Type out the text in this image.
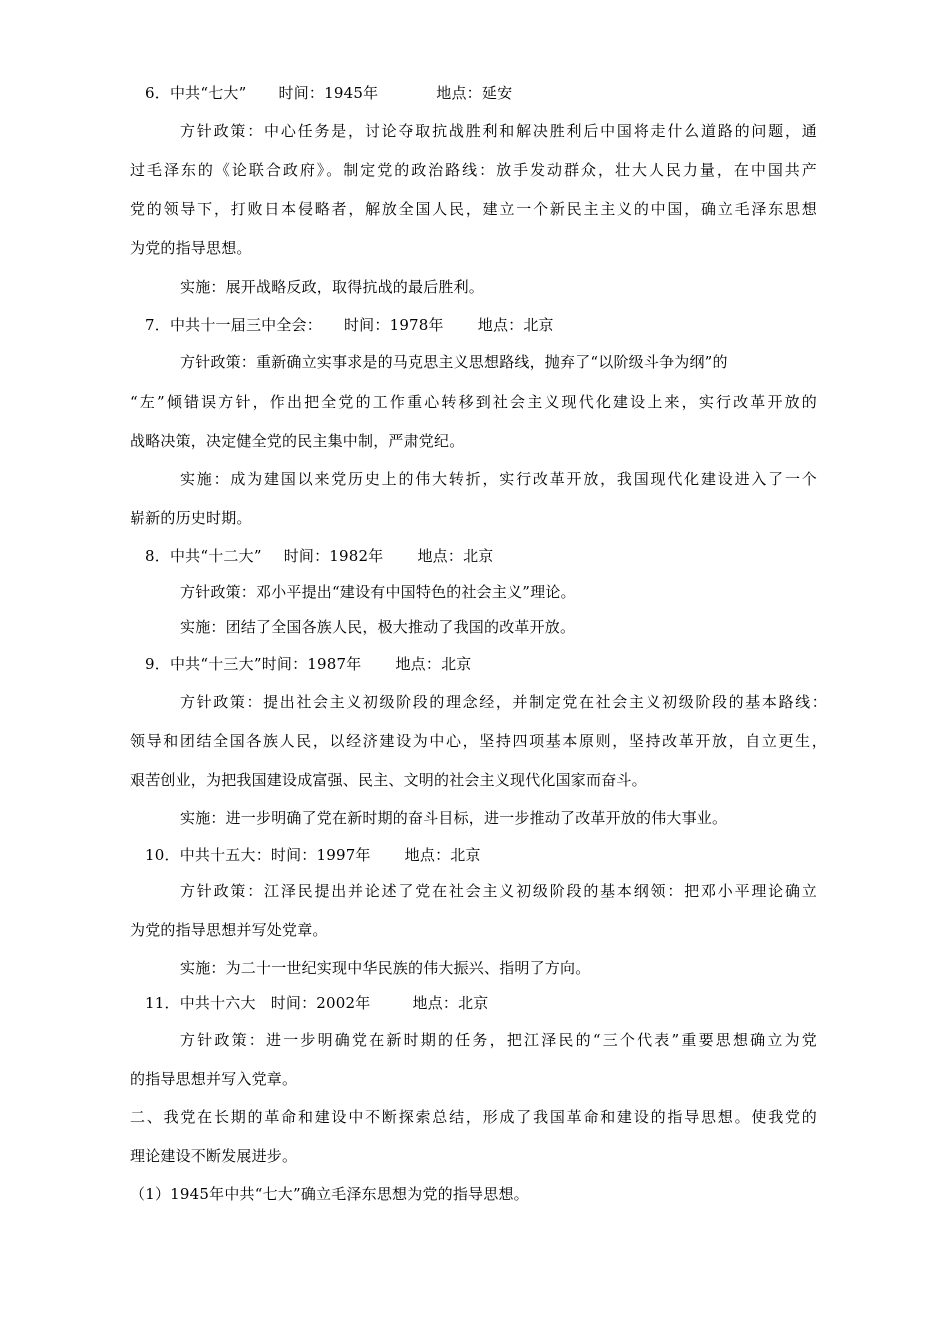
6．中共“七大” 时间：1945年	地点：延安
方针政策：中心任务是，讨论夺取抗战胜利和解决胜利后中国将走什么道路的问题，通
过毛泽东的《论联合政府》。制定党的政治路线：放手发动群众，壮大人民力量，在中国共产
党的领导下，打败日本侵略者，解放全国人民，建立一个新民主主义的中国，确立毛泽东思想
为党的指导思想。
实施：展开战略反政，取得抗战的最后胜利。
7．中共十一届三中全会： 时间：1978年 地点：北京
方针政策：重新确立实事求是的马克思主义思想路线，抛弃了“以阶级斗争为纲”的
“左”倾错误方针，作出把全党的工作重心转移到社会主义现代化建设上来，实行改革开放的
战略决策，决定健全党的民主集中制，严肃党纪。
实施：成为建国以来党历史上的伟大转折，实行改革开放，我国现代化建设进入了一个
崭新的历史时期。
8．中共“十二大” 时间：1982年 地点：北京
方针政策：邓小平提出“建设有中国特色的社会主义”理论。
实施：团结了全国各族人民，极大推动了我国的改革开放。
9．中共“十三大”时间：1987年 地点：北京
方针政策：提出社会主义初级阶段的理念经，并制定党在社会主义初级阶段的基本路线：
领导和团结全国各族人民，以经济建设为中心，坚持四项基本原则，坚持改革开放，自立更生，
艰苦创业，为把我国建设成富强、民主、文明的社会主义现代化国家而奋斗。
实施：进一步明确了党在新时期的奋斗目标，进一步推动了改革开放的伟大事业。
10．中共十五大：时间：1997年 地点：北京
方针政策：江泽民提出并论述了党在社会主义初级阶段的基本纲领：把邓小平理论确立
为党的指导思想并写处党章。
实施：为二十一世纪实现中华民族的伟大振兴、指明了方向。
11．中共十六大 时间：2002年	地点：北京
方针政策：进一步明确党在新时期的任务，把江泽民的“三个代表”重要思想确立为党
的指导思想并写入党章。
二、我党在长期的革命和建设中不断探索总结，形成了我国革命和建设的指导思想。使我党的
理论建设不断发展进步。
（1）1945年中共“七大”确立毛泽东思想为党的指导思想。
